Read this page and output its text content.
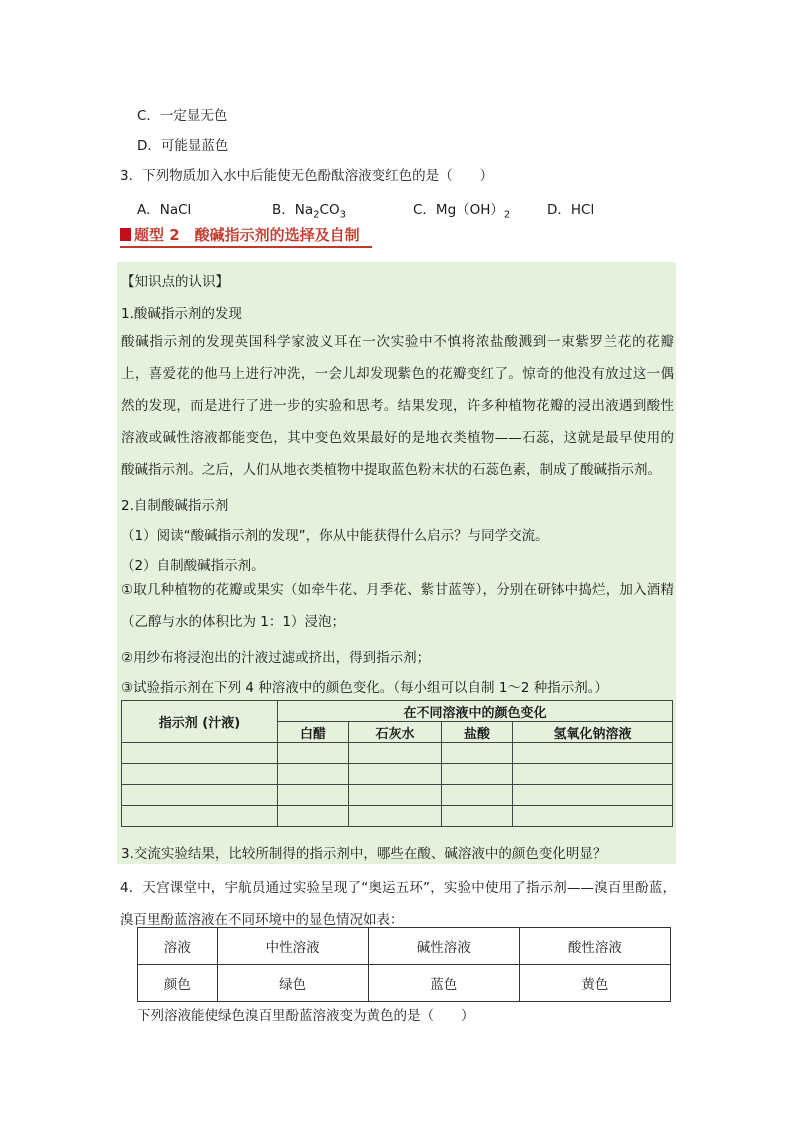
C．一定显无色
D．可能显蓝色
3．下列物质加入水中后能使无色酚酞溶液变红色的是（　　）
A．NaCl	B．$Na_2CO_3$	C．$Mg(OH)_2$	D．HCl
题型 2　酸碱指示剂的选择及自制
【知识点的认识】
1.酸碱指示剂的发现
酸碱指示剂的发现英国科学家波义耳在一次实验中不慎将浓盐酸溅到一束紫罗兰花的花瓣上，喜爱花的他马上进行冲洗，一会儿却发现紫色的花瓣变红了。惊奇的他没有放过这一偶然的发现，而是进行了进一步的实验和思考。结果发现，许多种植物花瓣的浸出液遇到酸性溶液或碱性溶液都能变色，其中变色效果最好的是地衣类植物——石蕊，这就是最早使用的酸碱指示剂。之后，人们从地衣类植物中提取蓝色粉末状的石蕊色素，制成了酸碱指示剂。
2.自制酸碱指示剂
（1）阅读“酸碱指示剂的发现”，你从中能获得什么启示？与同学交流。
（2）自制酸碱指示剂。
①取几种植物的花瓣或果实（如牵牛花、月季花、紫甘蓝等），分别在研钵中捣烂，加入酒精（乙醇与水的体积比为 1：1）浸泡；
②用纱布将浸泡出的汁液过滤或挤出，得到指示剂；
③试验指示剂在下列 4 种溶液中的颜色变化。（每小组可以自制 1～2 种指示剂。）
指示剂 (汁液)	在不同溶液中的颜色变化			
	白醋	石灰水	盐酸	氢氧化钠溶液

3.交流实验结果，比较所制得的指示剂中，哪些在酸、碱溶液中的颜色变化明显？
4．天宫课堂中，宇航员通过实验呈现了“奥运五环”，实验中使用了指示剂——溴百里酚蓝，溴百里酚蓝溶液在不同环境中的显色情况如表：
溶液	中性溶液	碱性溶液	酸性溶液
颜色	绿色	蓝色	黄色
下列溶液能使绿色溴百里酚蓝溶液变为黄色的是（　　）
